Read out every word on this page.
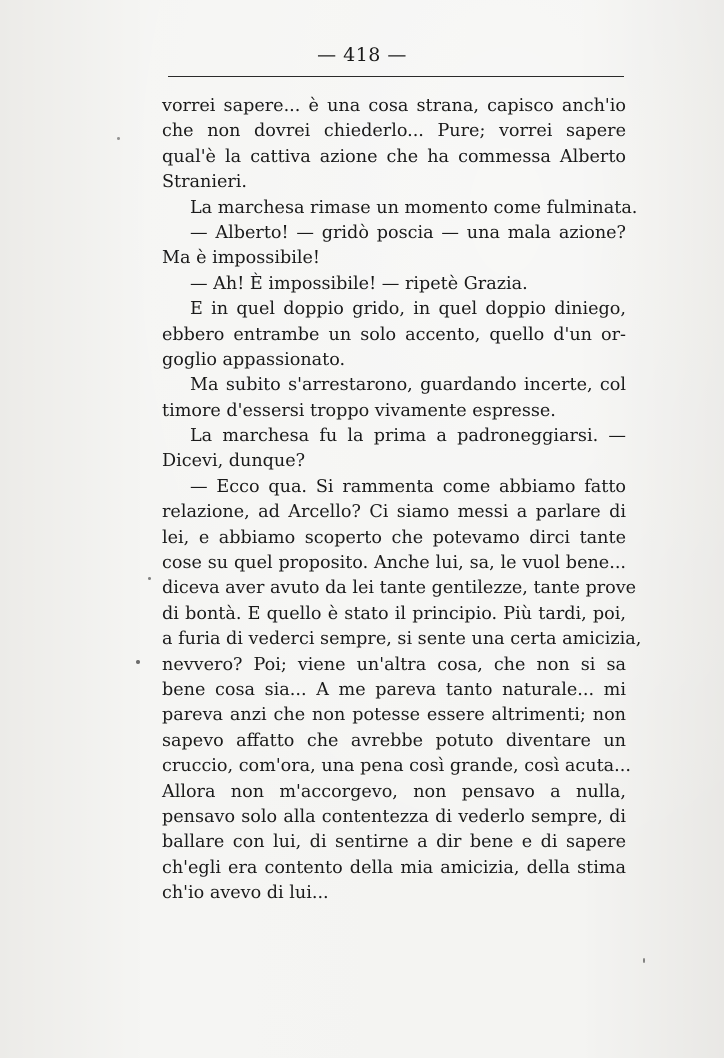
— 418 —
vorrei sapere... è una cosa strana, capisco anch'io
che non dovrei chiederlo... Pure; vorrei sapere
qual'è la cattiva azione che ha commessa Alberto
Stranieri.
La marchesa rimase un momento come fulminata.
— Alberto! — gridò poscia — una mala azione?
Ma è impossibile!
— Ah! È impossibile! — ripetè Grazia.
E in quel doppio grido, in quel doppio diniego,
ebbero entrambe un solo accento, quello d'un or-
goglio appassionato.
Ma subito s'arrestarono, guardando incerte, col
timore d'essersi troppo vivamente espresse.
La marchesa fu la prima a padroneggiarsi. —
Dicevi, dunque?
— Ecco qua. Si rammenta come abbiamo fatto
relazione, ad Arcello? Ci siamo messi a parlare di
lei, e abbiamo scoperto che potevamo dirci tante
cose su quel proposito. Anche lui, sa, le vuol bene...
diceva aver avuto da lei tante gentilezze, tante prove
di bontà. E quello è stato il principio. Più tardi, poi,
a furia di vederci sempre, si sente una certa amicizia,
nevvero? Poi; viene un'altra cosa, che non si sa
bene cosa sia... A me pareva tanto naturale... mi
pareva anzi che non potesse essere altrimenti; non
sapevo affatto che avrebbe potuto diventare un
cruccio, com'ora, una pena così grande, così acuta...
Allora non m'accorgevo, non pensavo a nulla,
pensavo solo alla contentezza di vederlo sempre, di
ballare con lui, di sentirne a dir bene e di sapere
ch'egli era contento della mia amicizia, della stima
ch'io avevo di lui...
